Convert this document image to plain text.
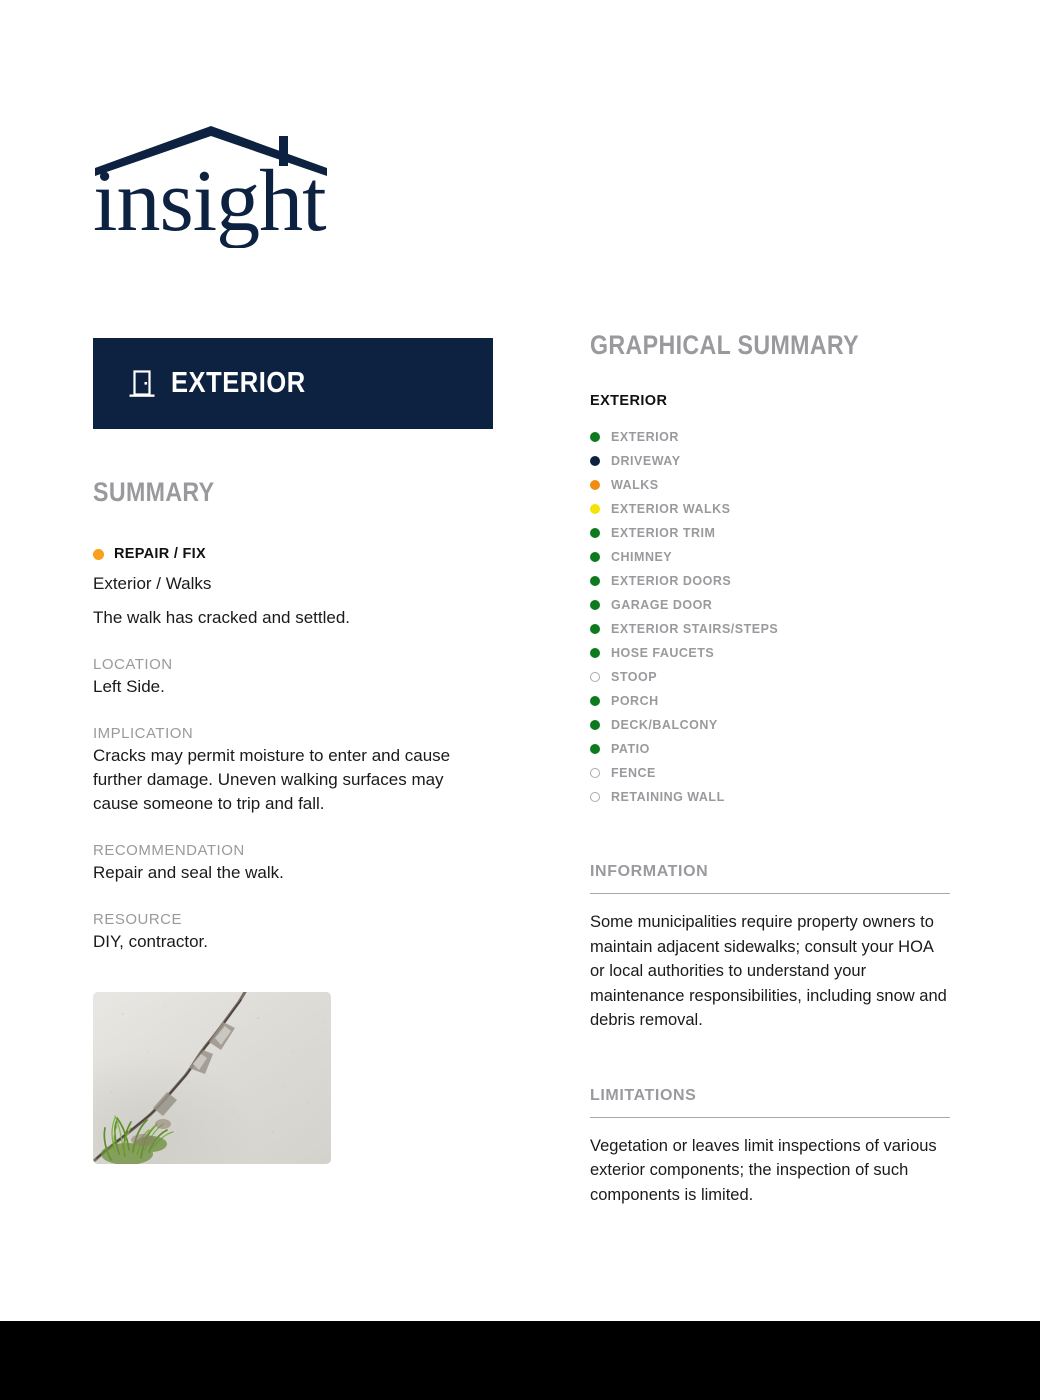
insight
EXTERIOR
SUMMARY
REPAIR / FIX
Exterior / Walks
The walk has cracked and settled.
LOCATION
Left Side.
IMPLICATION
Cracks may permit moisture to enter and cause further damage. Uneven walking surfaces may cause someone to trip and fall.
RECOMMENDATION
Repair and seal the walk.
RESOURCE
DIY, contractor.
GRAPHICAL SUMMARY
EXTERIOR
EXTERIOR
DRIVEWAY
WALKS
EXTERIOR WALKS
EXTERIOR TRIM
CHIMNEY
EXTERIOR DOORS
GARAGE DOOR
EXTERIOR STAIRS/STEPS
HOSE FAUCETS
STOOP
PORCH
DECK/BALCONY
PATIO
FENCE
RETAINING WALL
INFORMATION
Some municipalities require property owners to maintain adjacent sidewalks; consult your HOA or local authorities to understand your maintenance responsibilities, including snow and debris removal.
LIMITATIONS
Vegetation or leaves limit inspections of various exterior components; the inspection of such components is limited.
